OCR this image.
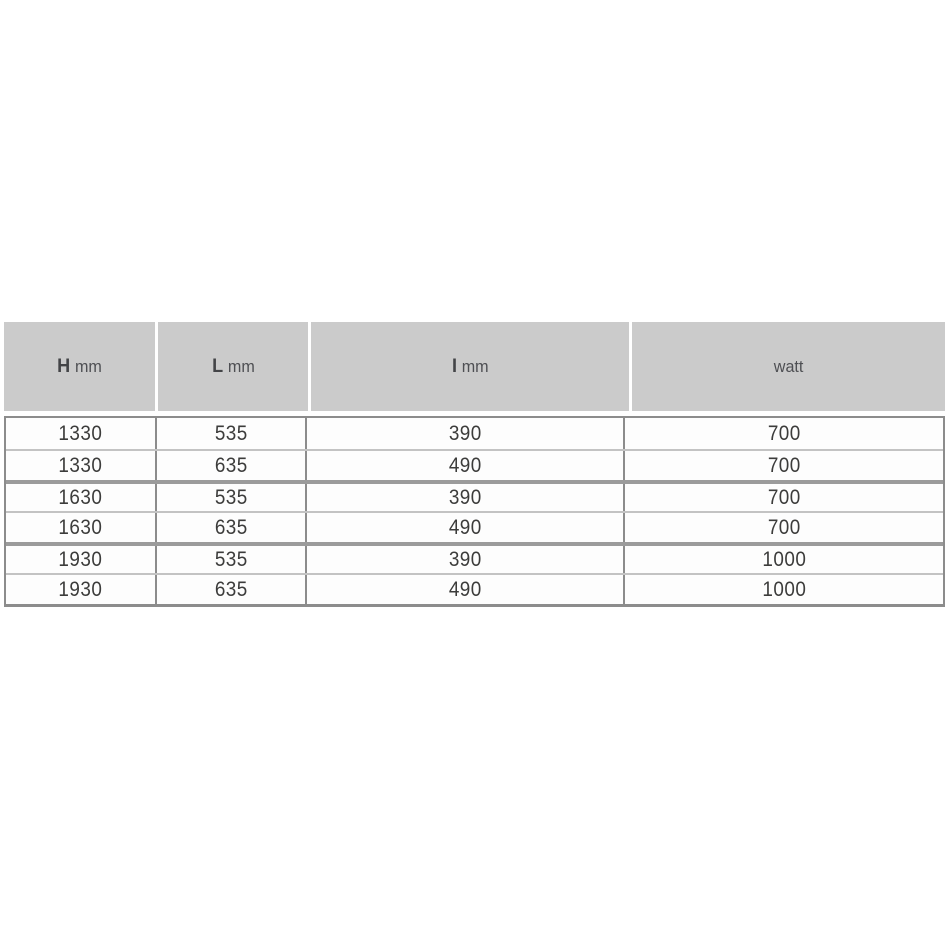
H mm	L mm	I mm	watt
1330	535	390	700
1330	635	490	700
1630	535	390	700
1630	635	490	700
1930	535	390	1000
1930	635	490	1000
